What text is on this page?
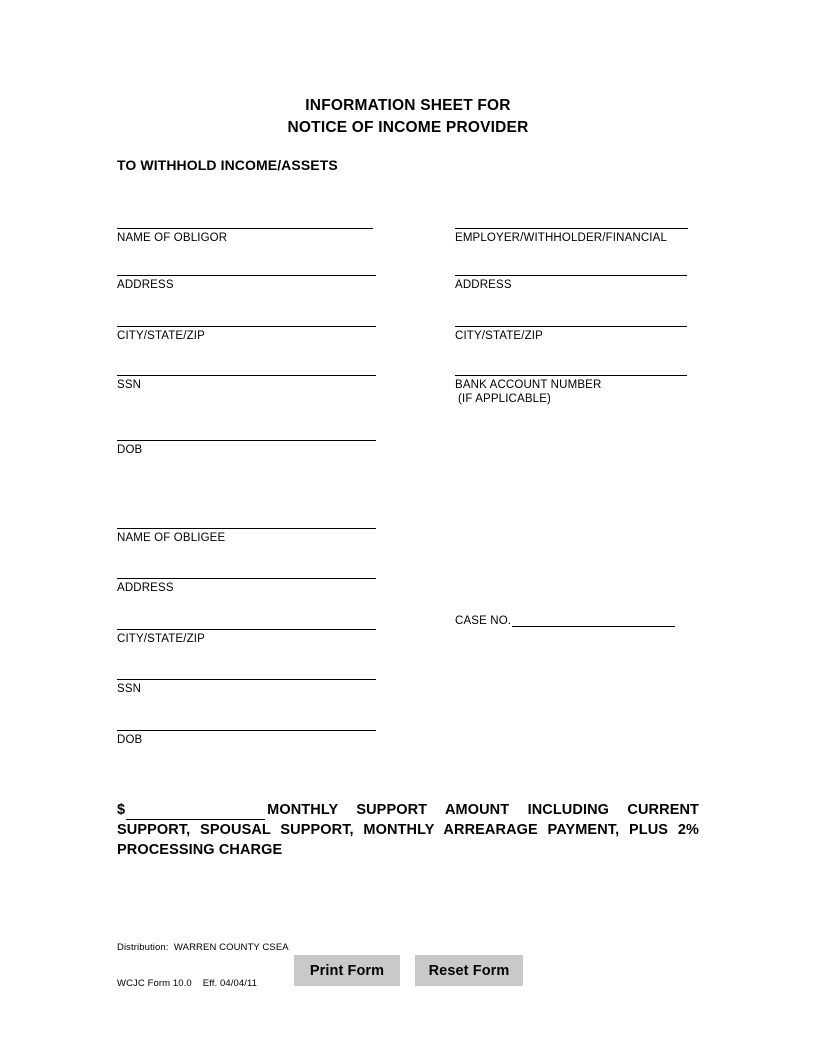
INFORMATION SHEET FOR
NOTICE OF INCOME PROVIDER
TO WITHHOLD INCOME/ASSETS
NAME OF OBLIGOR
ADDRESS
CITY/STATE/ZIP
SSN
DOB
EMPLOYER/WITHHOLDER/FINANCIAL
ADDRESS
CITY/STATE/ZIP
BANK ACCOUNT NUMBER
(IF APPLICABLE)
NAME OF OBLIGEE
ADDRESS
CITY/STATE/ZIP
SSN
DOB
CASE NO.
$	MONTHLY SUPPORT AMOUNT INCLUDING CURRENT SUPPORT, SPOUSAL SUPPORT, MONTHLY ARREARAGE PAYMENT, PLUS 2% PROCESSING CHARGE

Distribution:  WARREN COUNTY CSEA

WCJC Form 10.0    Eff. 04/04/11

Print Form	Reset Form
